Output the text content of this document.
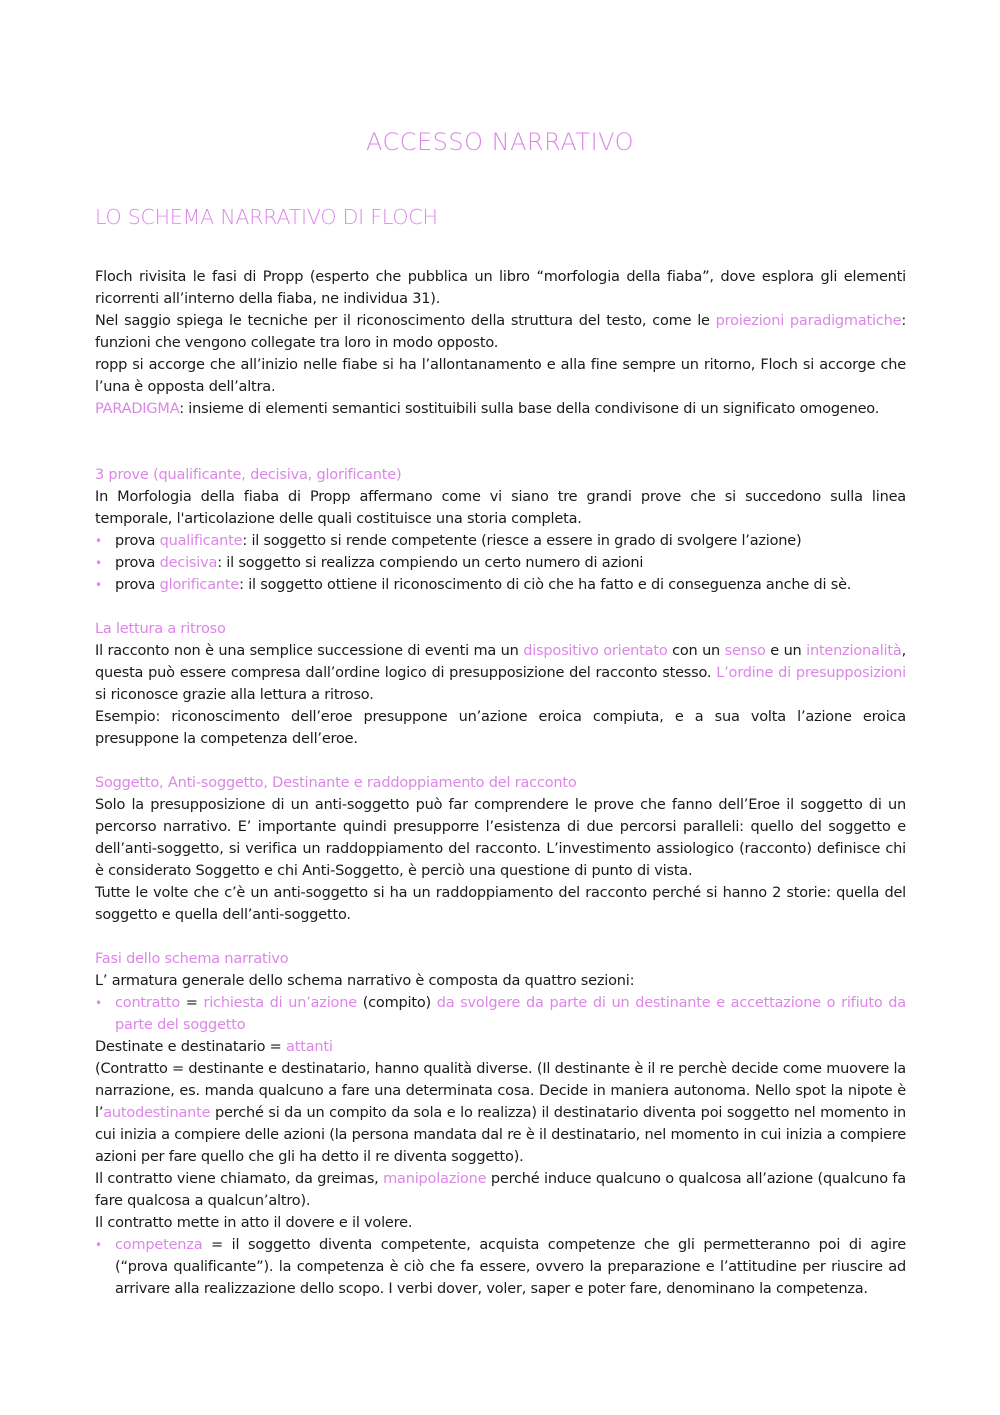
ACCESSO NARRATIVO
LO SCHEMA NARRATIVO DI FLOCH

Floch rivisita le fasi di Propp (esperto che pubblica un libro “morfologia della fiaba”, dove esplora gli elementi ricorrenti all’interno della fiaba, ne individua 31).

Nel saggio spiega le tecniche per il riconoscimento della struttura del testo, come le proiezioni paradigmatiche: funzioni che vengono collegate tra loro in modo opposto.

ropp si accorge che all’inizio nelle fiabe si ha l’allontanamento e alla fine sempre un ritorno, Floch si accorge che l’una è opposta dell’altra.

PARADIGMA: insieme di elementi semantici sostituibili sulla base della condivisone di un significato omogeneo.

3 prove (qualificante, decisiva, glorificante)

In Morfologia della fiaba di Propp affermano come vi siano tre grandi prove che si succedono sulla linea temporale, l'articolazione delle quali costituisce una storia completa.

• prova qualificante: il soggetto si rende competente (riesce a essere in grado di svolgere l’azione)
• prova decisiva: il soggetto si realizza compiendo un certo numero di azioni
• prova glorificante: il soggetto ottiene il riconoscimento di ciò che ha fatto e di conseguenza anche di sè.

La lettura a ritroso

Il racconto non è una semplice successione di eventi ma un dispositivo orientato con un senso e un intenzionalità, questa può essere compresa dall’ordine logico di presupposizione del racconto stesso. L’ordine di presupposizioni si riconosce grazie alla lettura a ritroso.

Esempio: riconoscimento dell’eroe presuppone un’azione eroica compiuta, e a sua volta l’azione eroica presuppone la competenza dell’eroe.

Soggetto, Anti-soggetto, Destinante e raddoppiamento del racconto

Solo la presupposizione di un anti-soggetto può far comprendere le prove che fanno dell’Eroe il soggetto di un percorso narrativo. E’ importante quindi presupporre l’esistenza di due percorsi paralleli: quello del soggetto e dell’anti-soggetto, si verifica un raddoppiamento del racconto. L’investimento assiologico (racconto) definisce chi è considerato Soggetto e chi Anti-Soggetto, è perciò una questione di punto di vista.

Tutte le volte che c’è un anti-soggetto si ha un raddoppiamento del racconto perché si hanno 2 storie: quella del soggetto e quella dell’anti-soggetto.

Fasi dello schema narrativo

L’ armatura generale dello schema narrativo è composta da quattro sezioni:

• contratto = richiesta di un’azione (compito) da svolgere da parte di un destinante e accettazione o rifiuto da parte del soggetto

Destinate e destinatario = attanti

(Contratto = destinante e destinatario, hanno qualità diverse. (Il destinante è il re perchè decide come muovere la narrazione, es. manda qualcuno a fare una determinata cosa. Decide in maniera autonoma. Nello spot la nipote è l’autodestinante perché si da un compito da sola e lo realizza) il destinatario diventa poi soggetto nel momento in cui inizia a compiere delle azioni (la persona mandata dal re è il destinatario, nel momento in cui inizia a compiere azioni per fare quello che gli ha detto il re diventa soggetto).

Il contratto viene chiamato, da greimas, manipolazione perché induce qualcuno o qualcosa all’azione (qualcuno fa fare qualcosa a qualcun’altro).

Il contratto mette in atto il dovere e il volere.

• competenza = il soggetto diventa competente, acquista competenze che gli permetteranno poi di agire (“prova qualificante”). la competenza è ciò che fa essere, ovvero la preparazione e l’attitudine per riuscire ad arrivare alla realizzazione dello scopo. I verbi dover, voler, saper e poter fare, denominano la competenza.
